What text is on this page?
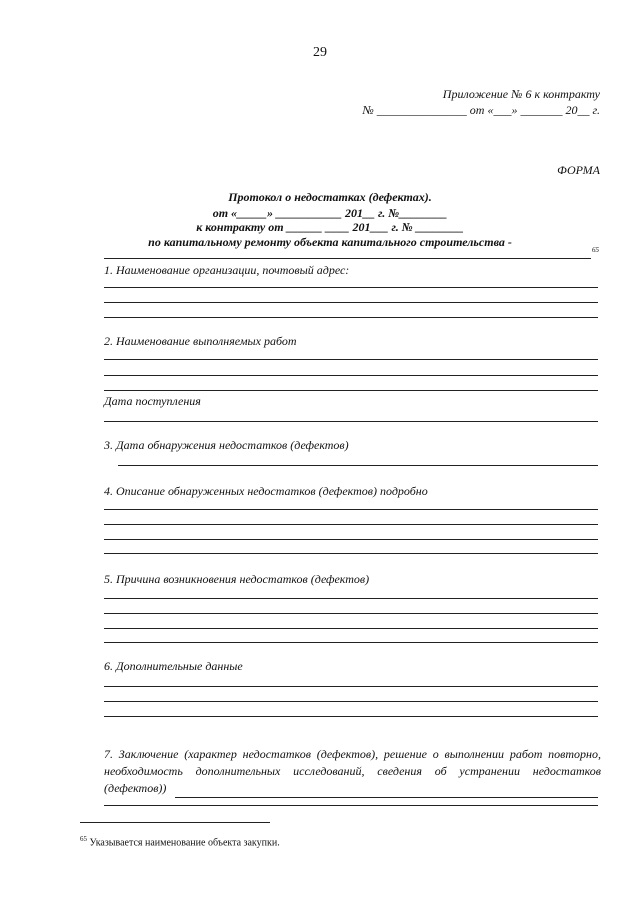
29
Приложение № 6 к контракту
№ _______________ от «___» _______ 20__ г.
ФОРМА
Протокол о недостатках (дефектах).
от «_____» ___________ 201__ г. №________
к контракту от ______ ____ 201___ г. № ________
по капитальному ремонту объекта капитального строительства -
65
1. Наименование организации, почтовый адрес:
2. Наименование выполняемых работ
Дата поступления
3. Дата обнаружения недостатков (дефектов)
4. Описание обнаруженных недостатков (дефектов) подробно
5. Причина возникновения недостатков (дефектов)
6. Дополнительные данные
7. Заключение (характер недостатков (дефектов), решение о выполнении работ повторно, необходимость дополнительных исследований, сведения об устранении недостатков (дефектов))
$^{65}$ Указывается наименование объекта закупки.
